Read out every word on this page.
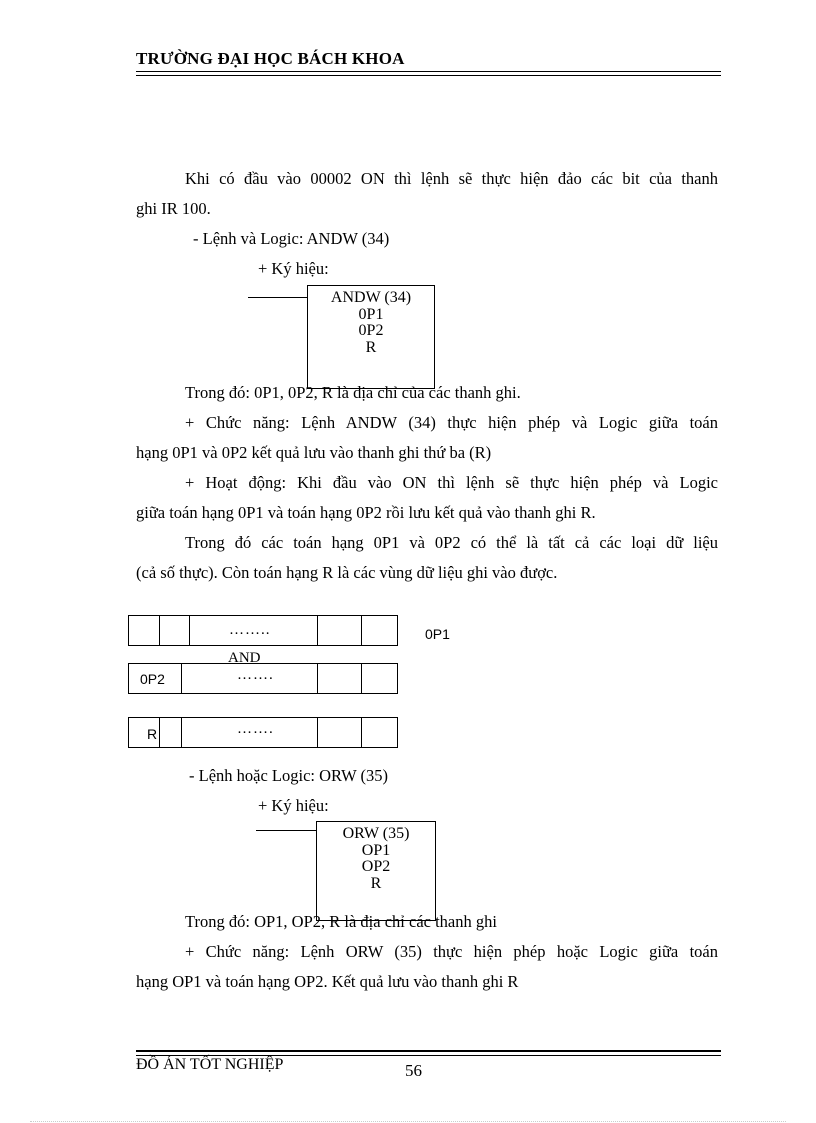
TRƯỜNG ĐẠI HỌC BÁCH KHOA
Khi có đầu vào 00002 ON thì lệnh sẽ thực hiện đảo các bit của thanh
ghi IR 100.
- Lệnh và Logic: ANDW (34)
+ Ký hiệu:
ANDW (34)
0P1
0P2
R
Trong đó: 0P1, 0P2, R là địa chỉ của các thanh ghi.
+ Chức năng: Lệnh ANDW (34) thực hiện phép và Logic giữa toán
hạng 0P1 và 0P2 kết quả lưu vào thanh ghi thứ ba (R)
+ Hoạt động: Khi đầu vào ON thì lệnh sẽ thực hiện phép và Logic
giữa toán hạng 0P1 và toán hạng 0P2 rồi lưu kết quả vào thanh ghi R.
Trong đó các toán hạng 0P1 và 0P2 có thể là tất cả các loại dữ liệu
(cả số thực). Còn toán hạng R là các vùng dữ liệu ghi vào được.
……..	0P1
AND
0P2	…….
R	…….
- Lệnh hoặc Logic: ORW (35)
+ Ký hiệu:
ORW (35)
OP1
OP2
R
Trong đó: OP1, OP2, R là địa chỉ các thanh ghi
+ Chức năng: Lệnh ORW (35) thực hiện phép hoặc Logic giữa toán
hạng OP1 và toán hạng OP2. Kết quả lưu vào thanh ghi R
ĐỒ ÁN TỐT NGHIỆP	56
